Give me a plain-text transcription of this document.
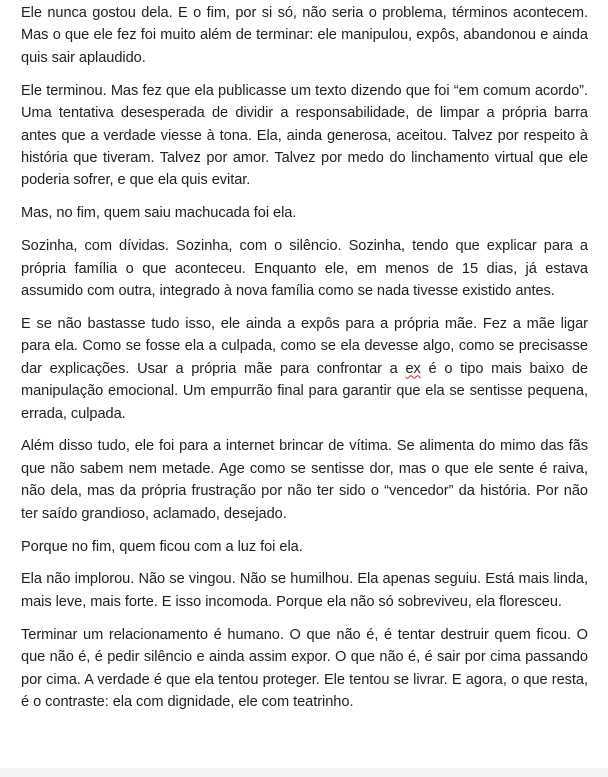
Ele nunca gostou dela. E o fim, por si só, não seria o problema, términos acontecem. Mas o que ele fez foi muito além de terminar: ele manipulou, expôs, abandonou e ainda quis sair aplaudido.

Ele terminou. Mas fez que ela publicasse um texto dizendo que foi “em comum acordo”. Uma tentativa desesperada de dividir a responsabilidade, de limpar a própria barra antes que a verdade viesse à tona. Ela, ainda generosa, aceitou. Talvez por respeito à história que tiveram. Talvez por amor. Talvez por medo do linchamento virtual que ele poderia sofrer, e que ela quis evitar.

Mas, no fim, quem saiu machucada foi ela.

Sozinha, com dívidas. Sozinha, com o silêncio. Sozinha, tendo que explicar para a própria família o que aconteceu. Enquanto ele, em menos de 15 dias, já estava assumido com outra, integrado à nova família como se nada tivesse existido antes.

E se não bastasse tudo isso, ele ainda a expôs para a própria mãe. Fez a mãe ligar para ela. Como se fosse ela a culpada, como se ela devesse algo, como se precisasse dar explicações. Usar a própria mãe para confrontar a ex é o tipo mais baixo de manipulação emocional. Um empurrão final para garantir que ela se sentisse pequena, errada, culpada.

Além disso tudo, ele foi para a internet brincar de vítima. Se alimenta do mimo das fãs que não sabem nem metade. Age como se sentisse dor, mas o que ele sente é raiva, não dela, mas da própria frustração por não ter sido o “vencedor” da história. Por não ter saído grandioso, aclamado, desejado.

Porque no fim, quem ficou com a luz foi ela.

Ela não implorou. Não se vingou. Não se humilhou. Ela apenas seguiu. Está mais linda, mais leve, mais forte. E isso incomoda. Porque ela não só sobreviveu, ela floresceu.

Terminar um relacionamento é humano. O que não é, é tentar destruir quem ficou. O que não é, é pedir silêncio e ainda assim expor. O que não é, é sair por cima passando por cima. A verdade é que ela tentou proteger. Ele tentou se livrar. E agora, o que resta, é o contraste: ela com dignidade, ele com teatrinho.
